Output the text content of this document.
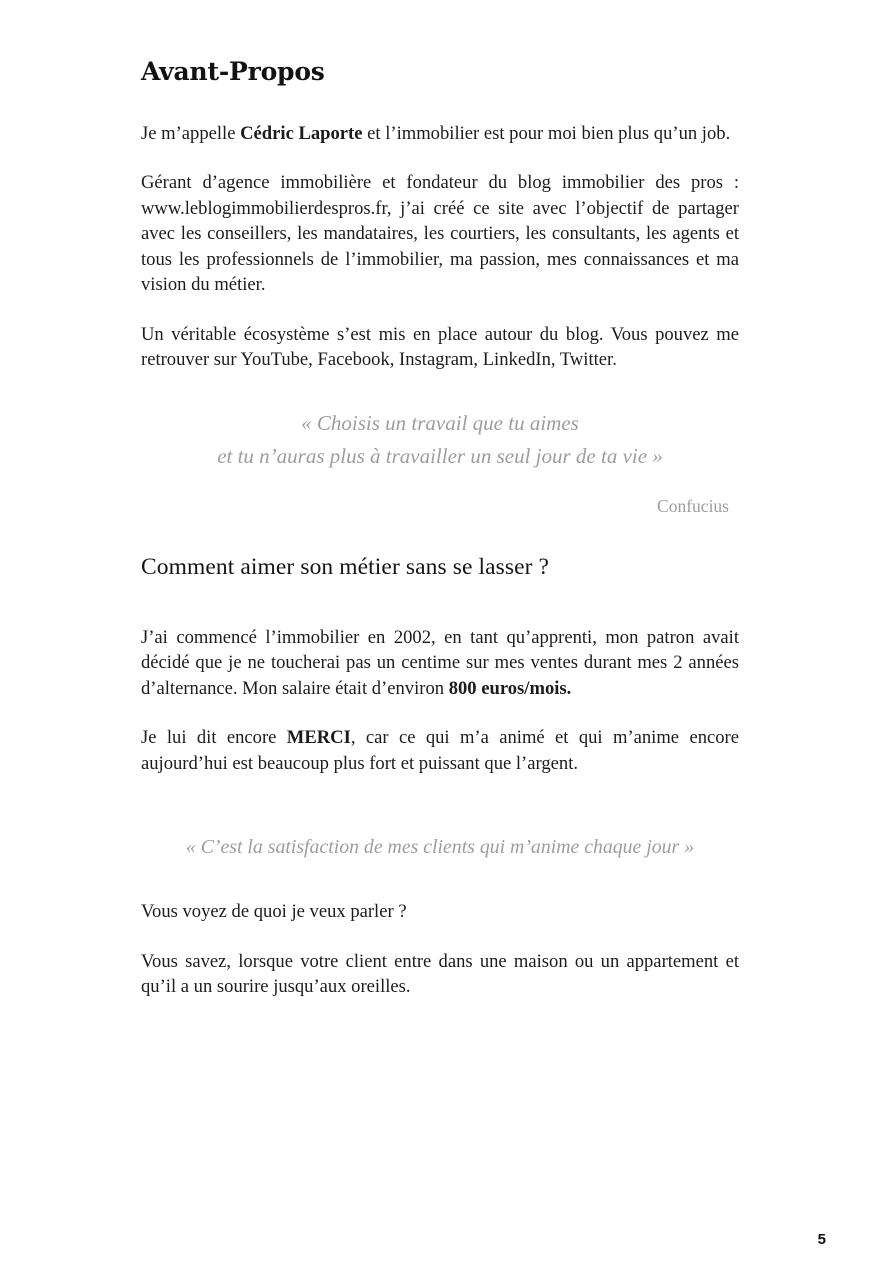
Avant-Propos

Je m’appelle Cédric Laporte et l’immobilier est pour moi bien plus qu’un job.

Gérant d’agence immobilière et fondateur du blog immobilier des pros : www.leblogimmobilierdespros.fr, j’ai créé ce site avec l’objectif de partager avec les conseillers, les mandataires, les courtiers, les consultants, les agents et tous les professionnels de l’immobilier, ma passion, mes connaissances et ma vision du métier.

Un véritable écosystème s’est mis en place autour du blog. Vous pouvez me retrouver sur YouTube, Facebook, Instagram, LinkedIn, Twitter.

« Choisis un travail que tu aimes
et tu n’auras plus à travailler un seul jour de ta vie »
Confucius
Comment aimer son métier sans se lasser ?

J’ai commencé l’immobilier en 2002, en tant qu’apprenti, mon patron avait décidé que je ne toucherai pas un centime sur mes ventes durant mes 2 années d’alternance. Mon salaire était d’environ 800 euros/mois.

Je lui dit encore MERCI, car ce qui m’a animé et qui m’anime encore aujourd’hui est beaucoup plus fort et puissant que l’argent.

« C’est la satisfaction de mes clients qui m’anime chaque jour »

Vous voyez de quoi je veux parler ?

Vous savez, lorsque votre client entre dans une maison ou un appartement et qu’il a un sourire jusqu’aux oreilles.

5
